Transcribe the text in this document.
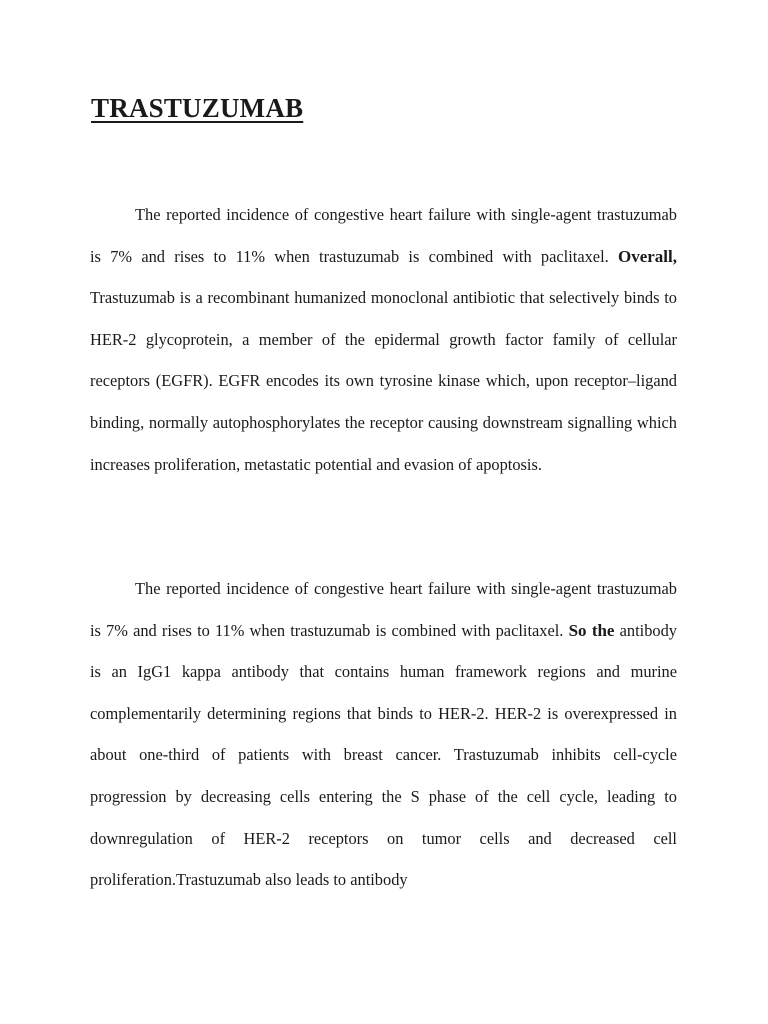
TRASTUZUMAB

The reported incidence of congestive heart failure with single-agent trastuzumab is 7% and rises to 11% when trastuzumab is combined with paclitaxel. Overall, Trastuzumab is a recombinant humanized monoclonal antibiotic that selectively binds to HER-2 glycoprotein, a member of the epidermal growth factor family of cellular receptors (EGFR). EGFR encodes its own tyrosine kinase which, upon receptor–ligand binding, normally autophosphorylates the receptor causing downstream signalling which increases proliferation, metastatic potential and evasion of apoptosis.

The reported incidence of congestive heart failure with single-agent trastuzumab is 7% and rises to 11% when trastuzumab is combined with paclitaxel. So the antibody is an IgG1 kappa antibody that contains human framework regions and murine complementarily determining regions that binds to HER-2. HER-2 is overexpressed in about one-third of patients with breast cancer. Trastuzumab inhibits cell-cycle progression by decreasing cells entering the S phase of the cell cycle, leading to downregulation of HER-2 receptors on tumor cells and decreased cell proliferation.Trastuzumab also leads to antibody
